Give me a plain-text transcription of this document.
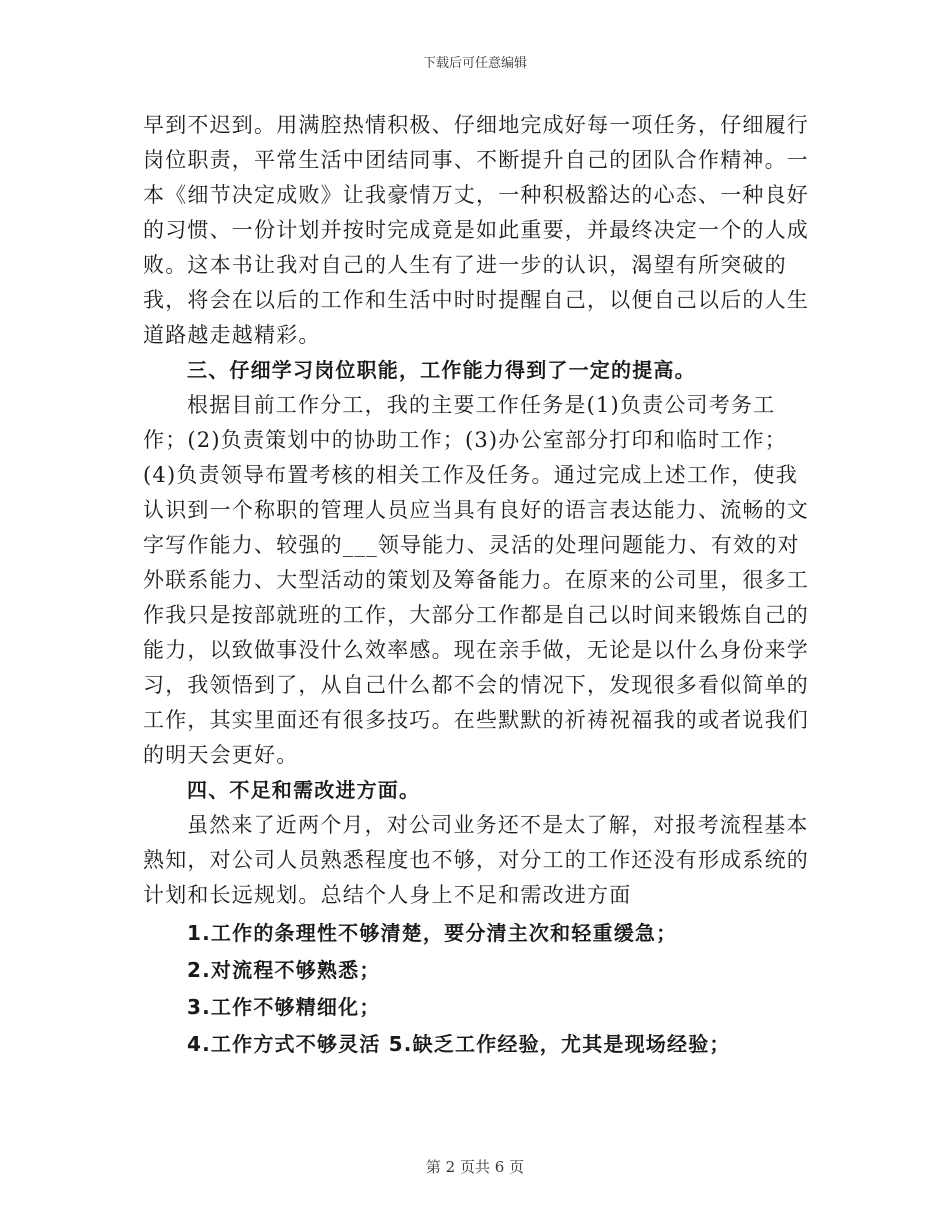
下载后可任意编辑

早到不迟到。用满腔热情积极、仔细地完成好每一项任务，仔细履行岗位职责，平常生活中团结同事、不断提升自己的团队合作精神。一本《细节决定成败》让我豪情万丈，一种积极豁达的心态、一种良好的习惯、一份计划并按时完成竟是如此重要，并最终决定一个的人成败。这本书让我对自己的人生有了进一步的认识，渴望有所突破的我，将会在以后的工作和生活中时时提醒自己，以便自己以后的人生道路越走越精彩。

三、仔细学习岗位职能，工作能力得到了一定的提高。

根据目前工作分工，我的主要工作任务是(1)负责公司考务工作；(2)负责策划中的协助工作；(3)办公室部分打印和临时工作；(4)负责领导布置考核的相关工作及任务。通过完成上述工作，使我认识到一个称职的管理人员应当具有良好的语言表达能力、流畅的文字写作能力、较强的___领导能力、灵活的处理问题能力、有效的对外联系能力、大型活动的策划及筹备能力。在原来的公司里，很多工作我只是按部就班的工作，大部分工作都是自己以时间来锻炼自己的能力，以致做事没什么效率感。现在亲手做，无论是以什么身份来学习，我领悟到了，从自己什么都不会的情况下，发现很多看似简单的工作，其实里面还有很多技巧。在些默默的祈祷祝福我的或者说我们的明天会更好。

四、不足和需改进方面。

虽然来了近两个月，对公司业务还不是太了解，对报考流程基本熟知，对公司人员熟悉程度也不够，对分工的工作还没有形成系统的计划和长远规划。总结个人身上不足和需改进方面

1.工作的条理性不够清楚，要分清主次和轻重缓急；

2.对流程不够熟悉；

3.工作不够精细化；

4.工作方式不够灵活 5.缺乏工作经验，尤其是现场经验；

第 2 页共 6 页
